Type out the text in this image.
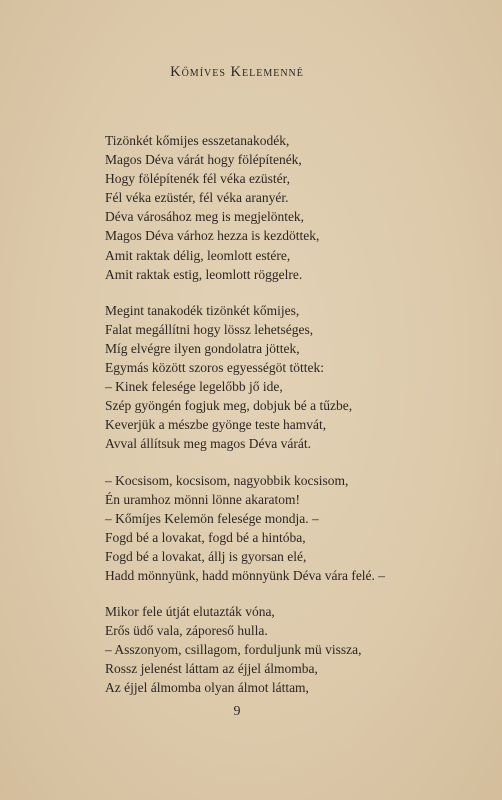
Kőmíves Kelemenné
Tizönkét kőmijes esszetanakodék,
Magos Déva várát hogy fölépítenék,
Hogy fölépítenék fél véka ezüstér,
Fél véka ezüstér, fél véka aranyér.
Déva városához meg is megjelöntek,
Magos Déva várhoz hezza is kezdöttek,
Amit raktak délig, leomlott estére,
Amit raktak estig, leomlott röggelre.
Megint tanakodék tizönkét kőmijes,
Falat megállítni hogy lössz lehetséges,
Míg elvégre ilyen gondolatra jöttek,
Egymás között szoros egyességöt töttek:
– Kinek felesége legelőbb jő ide,
Szép gyöngén fogjuk meg, dobjuk bé a tűzbe,
Keverjük a mészbe gyönge teste hamvát,
Avval állítsuk meg magos Déva várát.
– Kocsisom, kocsisom, nagyobbik kocsisom,
Én uramhoz mönni lönne akaratom!
– Kőmíjes Kelemön felesége mondja. –
Fogd bé a lovakat, fogd bé a hintóba,
Fogd bé a lovakat, állj is gyorsan elé,
Hadd mönnyünk, hadd mönnyünk Déva vára felé. –
Mikor fele útját elutazták vóna,
Erős üdő vala, záporeső hulla.
– Asszonyom, csillagom, forduljunk mü vissza,
Rossz jelenést láttam az éjjel álmomba,
Az éjjel álmomba olyan álmot láttam,
9
